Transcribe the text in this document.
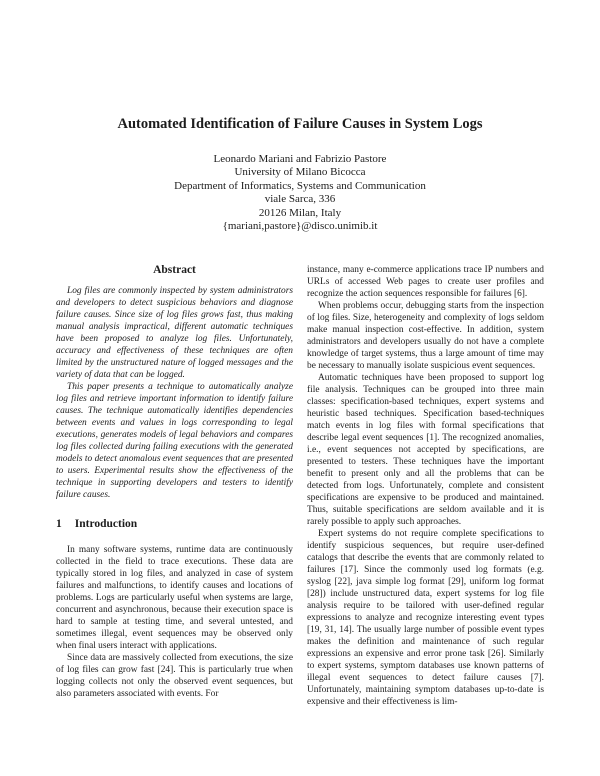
Automated Identification of Failure Causes in System Logs
Leonardo Mariani and Fabrizio Pastore
University of Milano Bicocca
Department of Informatics, Systems and Communication
viale Sarca, 336
20126 Milan, Italy
{mariani,pastore}@disco.unimib.it
Abstract

Log files are commonly inspected by system administrators and developers to detect suspicious behaviors and diagnose failure causes. Since size of log files grows fast, thus making manual analysis impractical, different automatic techniques have been proposed to analyze log files. Unfortunately, accuracy and effectiveness of these techniques are often limited by the unstructured nature of logged messages and the variety of data that can be logged.

This paper presents a technique to automatically analyze log files and retrieve important information to identify failure causes. The technique automatically identifies dependencies between events and values in logs corresponding to legal executions, generates models of legal behaviors and compares log files collected during failing executions with the generated models to detect anomalous event sequences that are presented to users. Experimental results show the effectiveness of the technique in supporting developers and testers to identify failure causes.

1 Introduction

In many software systems, runtime data are continuously collected in the field to trace executions. These data are typically stored in log files, and analyzed in case of system failures and malfunctions, to identify causes and locations of problems. Logs are particularly useful when systems are large, concurrent and asynchronous, because their execution space is hard to sample at testing time, and several untested, and sometimes illegal, event sequences may be observed only when final users interact with applications.

Since data are massively collected from executions, the size of log files can grow fast [24]. This is particularly true when logging collects not only the observed event sequences, but also parameters associated with events. For

instance, many e-commerce applications trace IP numbers and URLs of accessed Web pages to create user profiles and recognize the action sequences responsible for failures [6].

When problems occur, debugging starts from the inspection of log files. Size, heterogeneity and complexity of logs seldom make manual inspection cost-effective. In addition, system administrators and developers usually do not have a complete knowledge of target systems, thus a large amount of time may be necessary to manually isolate suspicious event sequences.

Automatic techniques have been proposed to support log file analysis. Techniques can be grouped into three main classes: specification-based techniques, expert systems and heuristic based techniques. Specification based-techniques match events in log files with formal specifications that describe legal event sequences [1]. The recognized anomalies, i.e., event sequences not accepted by specifications, are presented to testers. These techniques have the important benefit to present only and all the problems that can be detected from logs. Unfortunately, complete and consistent specifications are expensive to be produced and maintained. Thus, suitable specifications are seldom available and it is rarely possible to apply such approaches.

Expert systems do not require complete specifications to identify suspicious sequences, but require user-defined catalogs that describe the events that are commonly related to failures [17]. Since the commonly used log formats (e.g. syslog [22], java simple log format [29], uniform log format [28]) include unstructured data, expert systems for log file analysis require to be tailored with user-defined regular expressions to analyze and recognize interesting event types [19, 31, 14]. The usually large number of possible event types makes the definition and maintenance of such regular expressions an expensive and error prone task [26]. Similarly to expert systems, symptom databases use known patterns of illegal event sequences to detect failure causes [7]. Unfortunately, maintaining symptom databases up-to-date is expensive and their effectiveness is lim-
